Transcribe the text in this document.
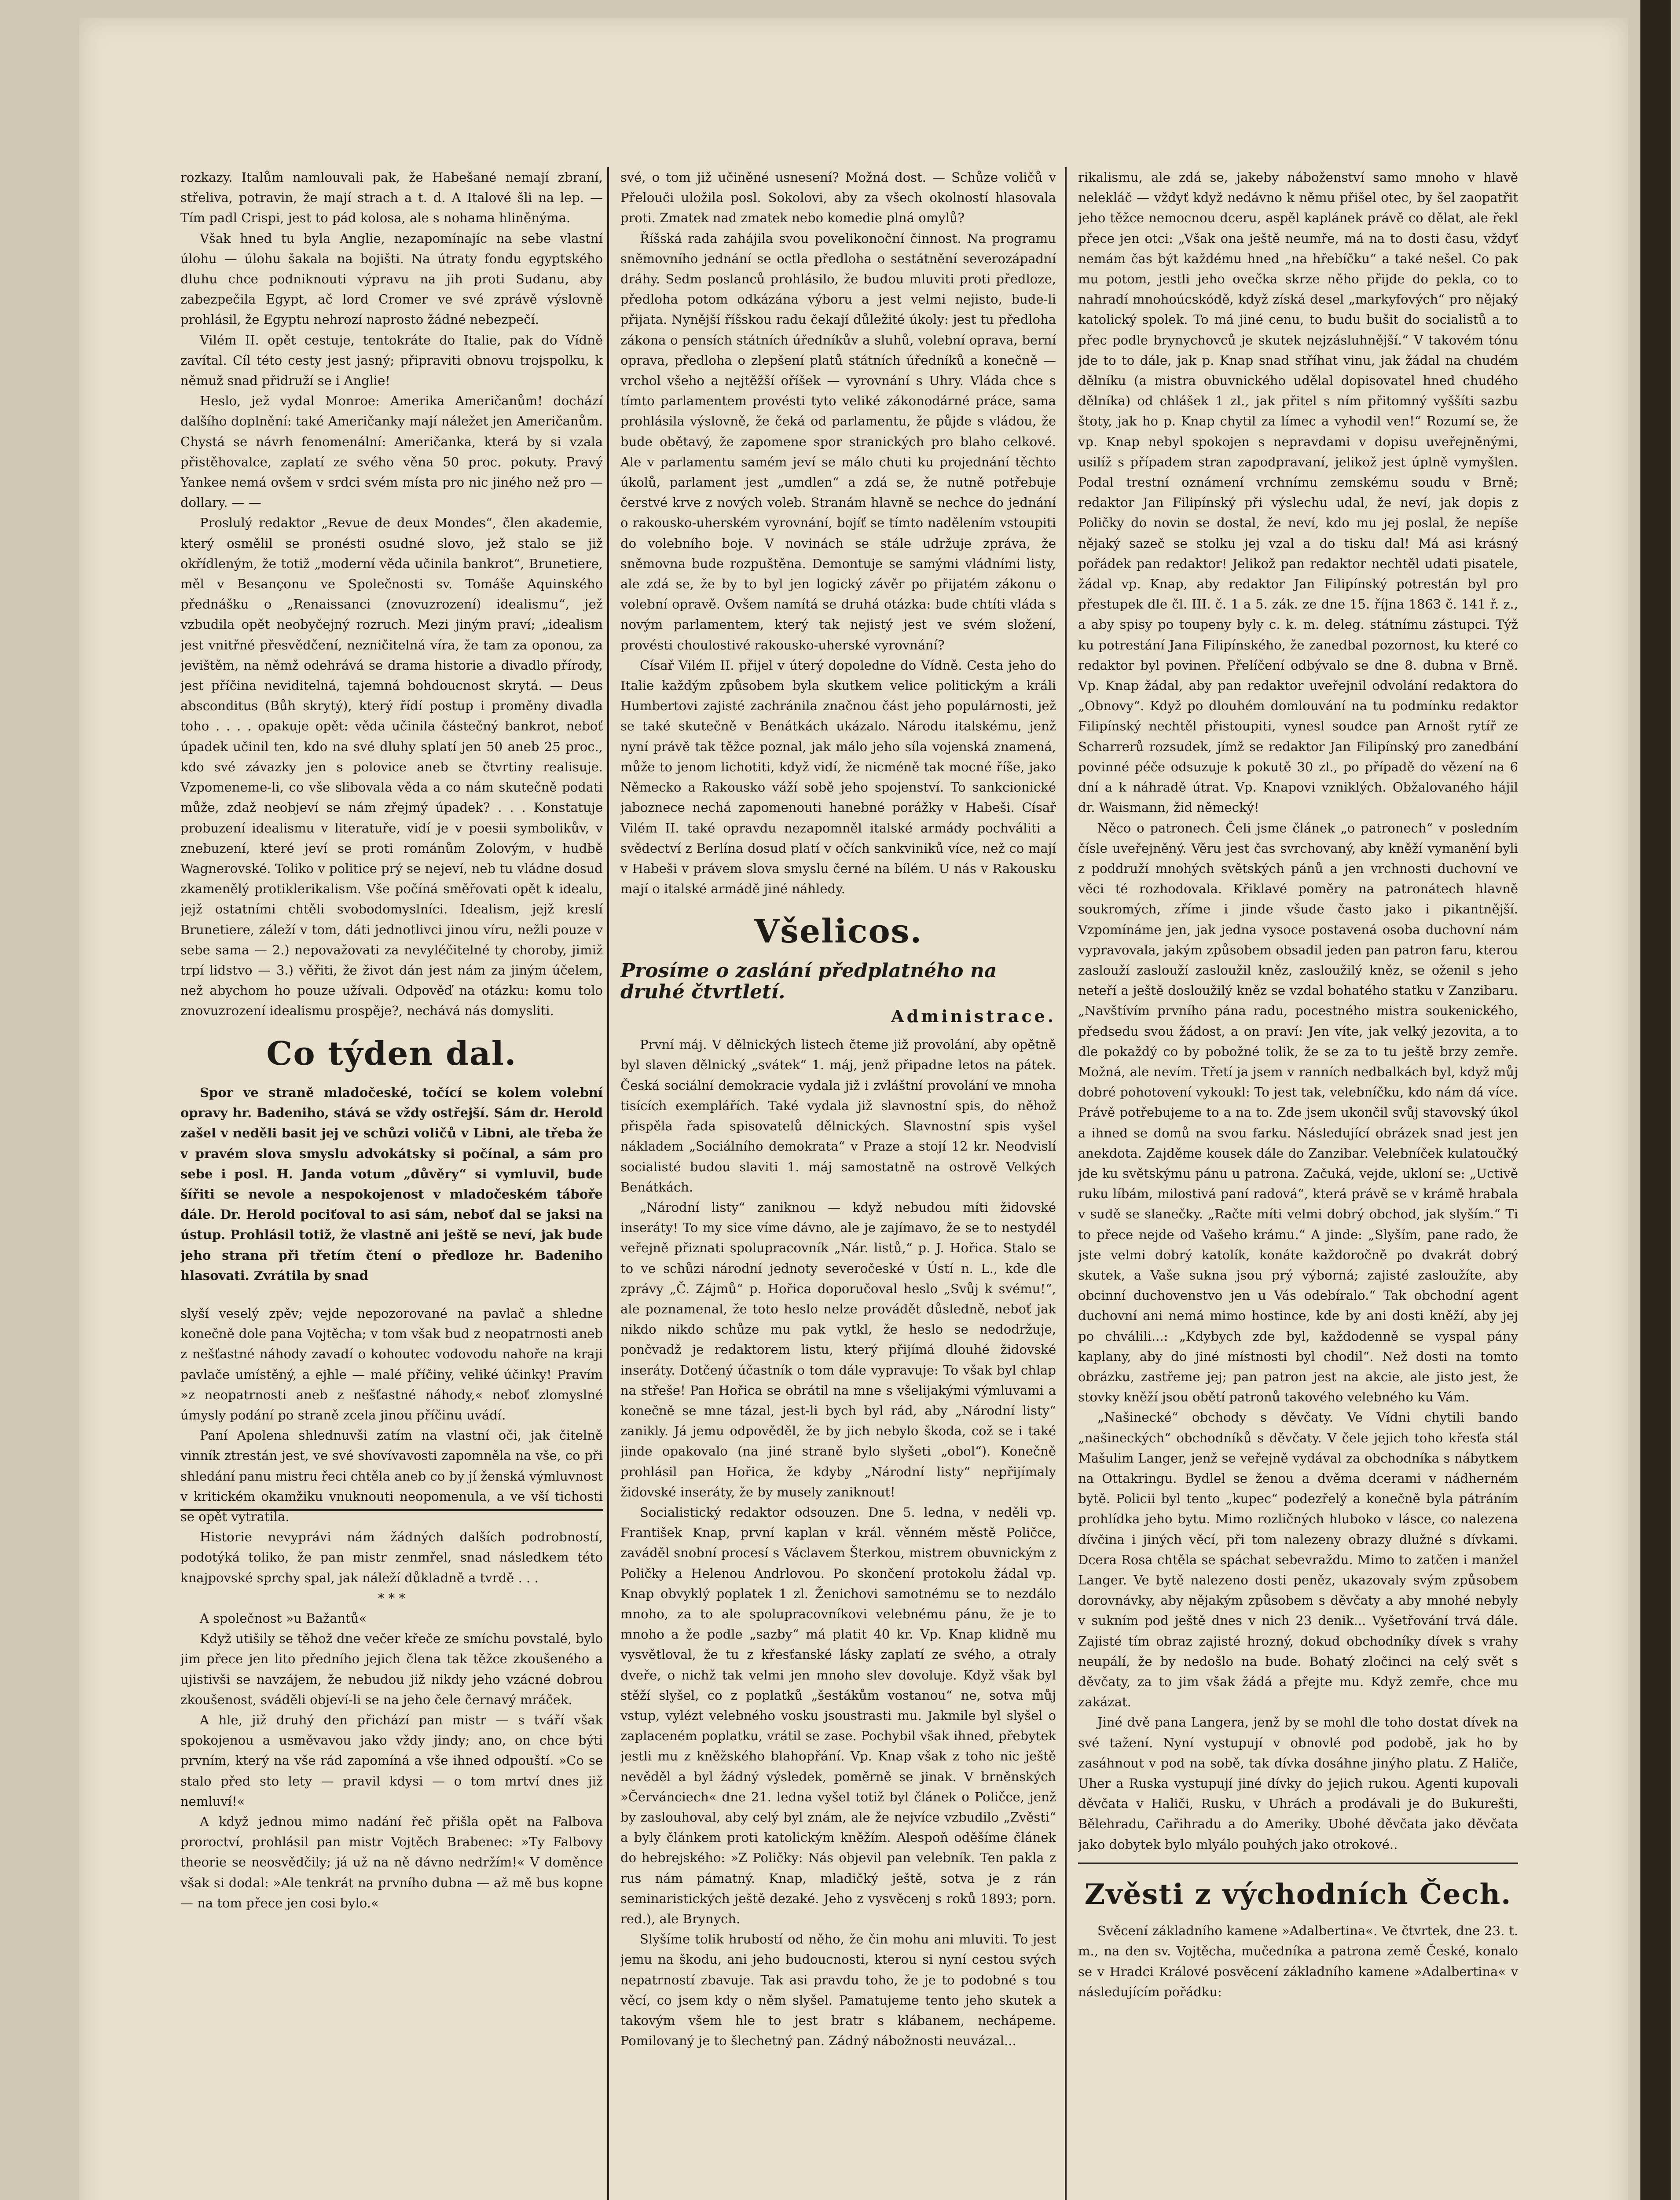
rozkazy. Italům namlouvali pak, že Habešané nemají zbraní, střeliva, potravin, že mají strach a t. d. A Italové šli na lep. — Tím padl Crispi, jest to pád kolosa, ale s nohama hliněnýma.

Však hned tu byla Anglie, nezapomínajíc na sebe vlastní úlohu — úlohu šakala na bojišti. Na útraty fondu egyptského dluhu chce podniknouti výpravu na jih proti Sudanu, aby zabezpečila Egypt, ač lord Cromer ve své zprávě výslovně prohlásil, že Egyptu nehrozí naprosto žádné nebezpečí.

Vilém II. opět cestuje, tentokráte do Italie, pak do Vídně zavítal. Cíl této cesty jest jasný; připraviti obnovu trojspolku, k němuž snad přidruží se i Anglie!

Heslo, jež vydal Monroe: Amerika Američanům! dochází dalšího doplnění: také Američanky mají náležet jen Američanům. Chystá se návrh fenomenální: Američanka, která by si vzala přistěhovalce, zaplatí ze svého věna 50 proc. pokuty. Pravý Yankee nemá ovšem v srdci svém místa pro nic jiného než pro — dollary. — —

Proslulý redaktor „Revue de deux Mondes“, člen akademie, který osmělil se pronésti osudné slovo, jež stalo se již okřídleným, že totiž „moderní věda učinila bankrot“, Brunetiere, měl v Besançonu ve Společnosti sv. Tomáše Aquinského přednášku o „Renaissanci (znovuzrození) idealismu“, jež vzbudila opět neobyčejný rozruch. Mezi jiným praví; „idealism jest vnitřné přesvědčení, nezničitelná víra, že tam za oponou, za jevištěm, na němž odehrává se drama historie a divadlo přírody, jest příčina neviditelná, tajemná bohdoucnost skrytá. — Deus absconditus (Bůh skrytý), který řídí postup i proměny divadla toho . . . . opakuje opět: věda učinila částečný bankrot, neboť úpadek učinil ten, kdo na své dluhy splatí jen 50 aneb 25 proc., kdo své závazky jen s polovice aneb se čtvrtiny realisuje. Vzpomeneme-li, co vše slibovala věda a co nám skutečně podati může, zdaž neobjeví se nám zřejmý úpadek? . . . Konstatuje probuzení idealismu v literatuře, vidí je v poesii symbolikův, v znebuzení, které jeví se proti románům Zolovým, v hudbě Wagnerovské. Toliko v politice prý se nejeví, neb tu vládne dosud zkamenělý protiklerikalism. Vše počíná směřovati opět k idealu, jejž ostatními chtěli svobodomyslníci. Idealism, jejž kreslí Brunetiere, záleží v tom, dáti jednotlivci jinou víru, nežli pouze v sebe sama — 2.) nepovažovati za nevyléčitelné ty choroby, jimiž trpí lidstvo — 3.) věřiti, že život dán jest nám za jiným účelem, než abychom ho pouze užívali. Odpověď na otázku: komu tolo znovuzrození idealismu prospěje?, nechává nás domysliti.

Co týden dal.

Spor ve straně mladočeské, točící se kolem volební opravy hr. Badeniho, stává se vždy ostřejší. Sám dr. Herold zašel v neděli basit jej ve schůzi voličů v Libni, ale třeba že v pravém slova smyslu advokátsky si počínal, a sám pro sebe i posl. H. Janda votum „důvěry“ si vymluvil, bude šířiti se nevole a nespokojenost v mladočeském táboře dále. Dr. Herold pociťoval to asi sám, neboť dal se jaksi na ústup. Prohlásil totiž, že vlastně ani ještě se neví, jak bude jeho strana při třetím čtení o předloze hr. Badeniho hlasovati. Zvrátila by snad

slyší veselý zpěv; vejde nepozorované na pavlač a shledne konečně dole pana Vojtěcha; v tom však bud z neopatrnosti aneb z nešťastné náhody zavadí o kohoutec vodovodu nahoře na kraji pavlače umístěný, a ejhle — malé příčiny, veliké účinky! Pravím »z neopatrnosti aneb z nešťastné náhody,« neboť zlomyslné úmysly podání po straně zcela jinou příčinu uvádí.

Paní Apolena shlednuvši zatím na vlastní oči, jak čitelně vinník ztrestán jest, ve své shovívavosti zapomněla na vše, co při shledání panu mistru řeci chtěla aneb co by jí ženská výmluvnost v kritickém okamžiku vnuknouti neopomenula, a ve vší tichosti se opět vytratila.

Historie nevyprávi nám žádných dalších podrobností, podotýká toliko, že pan mistr zenmřel, snad následkem této knajpovské sprchy spal, jak náleží důkladně a tvrdě . . .

* * *

A společnost »u Bažantů«

Když utišily se těhož dne večer křeče ze smíchu povstalé, bylo jim přece jen lito předního jejich člena tak těžce zkoušeného a ujistivši se navzájem, že nebudou již nikdy jeho vzácné dobrou zkoušenost, sváděli objeví-li se na jeho čele černavý mráček.

A hle, již druhý den přichází pan mistr — s tváří však spokojenou a usměvavou jako vždy jindy; ano, on chce býti prvním, který na vše rád zapomíná a vše ihned odpouští. »Co se stalo před sto lety — pravil kdysi — o tom mrtví dnes již nemluví!«

A když jednou mimo nadání řeč přišla opět na Falbova proroctví, prohlásil pan mistr Vojtěch Brabenec: »Ty Falbovy theorie se neosvědčily; já už na ně dávno nedržím!« V doměnce však si dodal: »Ale tenkrát na prvního dubna — až mě bus kopne — na tom přece jen cosi bylo.«

své, o tom již učiněné usnesení? Možná dost. — Schůze voličů v Přelouči uložila posl. Sokolovi, aby za všech okolností hlasovala proti. Zmatek nad zmatek nebo komedie plná omylů?

Říšská rada zahájila svou povelikonoční činnost. Na programu sněmovního jednání se octla předloha o sestátnění severozápadní dráhy. Sedm poslanců prohlásilo, že budou mluviti proti předloze, předloha potom odkázána výboru a jest velmi nejisto, bude-li přijata. Nynější říšskou radu čekají důležité úkoly: jest tu předloha zákona o pensích státních úředníkův a sluhů, volební oprava, berní oprava, předloha o zlepšení platů státních úředníků a konečně — vrchol všeho a nejtěžší oříšek — vyrovnání s Uhry. Vláda chce s tímto parlamentem provésti tyto veliké zákonodárné práce, sama prohlásila výslovně, že čeká od parlamentu, že půjde s vládou, že bude obětavý, že zapomene spor stranických pro blaho celkové. Ale v parlamentu samém jeví se málo chuti ku projednání těchto úkolů, parlament jest „umdlen“ a zdá se, že nutně potřebuje čerstvé krve z nových voleb. Stranám hlavně se nechce do jednání o rakousko-uherském vyrovnání, bojíť se tímto nadělením vstoupiti do volebního boje. V novinách se stále udržuje zpráva, že sněmovna bude rozpuštěna. Demontuje se samými vládními listy, ale zdá se, že by to byl jen logický závěr po přijatém zákonu o volební opravě. Ovšem namítá se druhá otázka: bude chtíti vláda s novým parlamentem, který tak nejistý jest ve svém složení, provésti choulostivé rakousko-uherské vyrovnání?

Císař Vilém II. přijel v úterý dopoledne do Vídně. Cesta jeho do Italie každým způsobem byla skutkem velice politickým a králi Humbertovi zajisté zachránila značnou část jeho populárnosti, jež se také skutečně v Benátkách ukázalo. Národu italskému, jenž nyní právě tak těžce poznal, jak málo jeho síla vojenská znamená, může to jenom lichotiti, když vidí, že nicméně tak mocné říše, jako Německo a Rakousko váží sobě jeho spojenství. To sankcionické jaboznece nechá zapomenouti hanebné porážky v Habeši. Císař Vilém II. také opravdu nezapomněl italské armády pochváliti a svědectví z Berlína dosud platí v očích sankviniků více, než co mají v Habeši v právem slova smyslu černé na bílém. U nás v Rakousku mají o italské armádě jiné náhledy.

Všelicos.
Prosíme o zaslání předplatného na druhé čtvrtletí.
Administrace.

První máj. V dělnických listech čteme již provolání, aby opětně byl slaven dělnický „svátek“ 1. máj, jenž připadne letos na pátek. Česká sociální demokracie vydala již i zvláštní provolání ve mnoha tisících exemplářích. Také vydala již slavnostní spis, do něhož přispěla řada spisovatelů dělnických. Slavnostní spis vyšel nákladem „Sociálního demokrata“ v Praze a stojí 12 kr. Neodvislí socialisté budou slaviti 1. máj samostatně na ostrově Velkých Benátkách.

„Národní listy“ zaniknou — když nebudou míti židovské inseráty! To my sice víme dávno, ale je zajímavo, že se to nestydél veřejně přiznati spolupracovník „Nár. listů,“ p. J. Hořica. Stalo se to ve schůzi národní jednoty severočeské v Ústí n. L., kde dle zprávy „Č. Zájmů“ p. Hořica doporučoval heslo „Svůj k svému!“, ale poznamenal, že toto heslo nelze provádět důsledně, neboť jak nikdo nikdo schůze mu pak vytkl, že heslo se nedodržuje, pončvadž je redaktorem listu, který přijímá dlouhé židovské inseráty. Dotčený účastník o tom dále vypravuje: To však byl chlap na střeše! Pan Hořica se obrátil na mne s všelijakými výmluvami a konečně se mne tázal, jest-li bych byl rád, aby „Národní listy“ zanikly. Já jemu odpověděl, že by jich nebylo škoda, což se i také jinde opakovalo (na jiné straně bylo slyšeti „obol“). Konečně prohlásil pan Hořica, že kdyby „Národní listy“ nepřijímaly židovské inseráty, že by musely zaniknout!

Socialistický redaktor odsouzen. Dne 5. ledna, v neděli vp. František Knap, první kaplan v král. věnném městě Poličce, zaváděl snobní procesí s Václavem Šterkou, mistrem obuvnickým z Poličky a Helenou Andrlovou. Po skončení protokolu žádal vp. Knap obvyklý poplatek 1 zl. Ženichovi samotnému se to nezdálo mnoho, za to ale spolupracovníkovi velebnému pánu, že je to mnoho a že podle „sazby“ má platit 40 kr. Vp. Knap klidně mu vysvětloval, že tu z křesťanské lásky zaplatí ze svého, a otraly dveře, o nichž tak velmi jen mnoho slev dovoluje. Když však byl stěží slyšel, co z poplatků „šestákům vostanou“ ne, sotva můj vstup, vylézt velebného vosku jsoustrasti mu. Jakmile byl slyšel o zaplaceném poplatku, vrátil se zase. Pochybil však ihned, přebytek jestli mu z kněžského blahopřání. Vp. Knap však z toho nic ještě nevěděl a byl žádný výsledek, poměrně se jinak. V brněnských »Červánciech« dne 21. ledna vyšel totiž byl článek o Poličce, jenž by zaslouhoval, aby celý byl znám, ale že nejvíce vzbudilo „Zvěsti“ a byly článkem proti katolickým kněžím. Alespoň oděšíme článek do hebrejského: »Z Poličky: Nás objevil pan velebník. Ten pakla z rus nám pámatný. Knap, mladičký ještě, sotva je z rán seminaristických ještě dezaké. Jeho z vysvěcenj s roků 1893; porn. red.), ale Brynych.

Slyšíme tolik hrubostí od něho, že čin mohu ani mluviti. To jest jemu na škodu, ani jeho budoucnosti, kterou si nyní cestou svých nepatrností zbavuje. Tak asi pravdu toho, že je to podobné s tou věcí, co jsem kdy o něm slyšel. Pamatujeme tento jeho skutek a takovým všem hle to jest bratr s klábanem, nechápeme. Pomilovaný je to šlechetný pan. Zádný nábožnosti neuvázal...

rikalismu, ale zdá se, jakeby náboženství samo mnoho v hlavě nelekláč — vždyť když nedávno k němu přišel otec, by šel zaopatřit jeho těžce nemocnou dceru, aspěl kaplánek právě co dělat, ale řekl přece jen otci: „Však ona ještě neumře, má na to dosti času, vždyť nemám čas být každému hned „na hřebíčku“ a také nešel. Co pak mu potom, jestli jeho ovečka skrze něho přijde do pekla, co to nahradí mnohoúcskódě, když získá desel „markyfových“ pro nějaký katolický spolek. To má jiné cenu, to budu bušit do socialistů a to přec podle brynychovců je skutek nejzásluhnější.“ V takovém tónu jde to to dále, jak p. Knap snad stříhat vinu, jak žádal na chudém dělníku (a mistra obuvnického udělal dopisovatel hned chudého dělníka) od chlášek 1 zl., jak přitel s ním přitomný vyššíti sazbu štoty, jak ho p. Knap chytil za límec a vyhodil ven!“ Rozumí se, že vp. Knap nebyl spokojen s nepravdami v dopisu uveřejněnými, usilíž s případem stran zapodpravaní, jelikož jest úplně vymyšlen. Podal trestní oznámení vrchnímu zemskému soudu v Brně; redaktor Jan Filipínský při výslechu udal, že neví, jak dopis z Poličky do novin se dostal, že neví, kdo mu jej poslal, že nepíše nějaký sazeč se stolku jej vzal a do tisku dal! Má asi krásný pořádek pan redaktor! Jelikož pan redaktor nechtěl udati pisatele, žádal vp. Knap, aby redaktor Jan Filipínský potrestán byl pro přestupek dle čl. III. č. 1 a 5. zák. ze dne 15. října 1863 č. 141 ř. z., a aby spisy po toupeny byly c. k. m. deleg. státnímu zástupci. Týž ku potrestání Jana Filipínského, že zanedbal pozornost, ku které co redaktor byl povinen. Přelíčení odbývalo se dne 8. dubna v Brně. Vp. Knap žádal, aby pan redaktor uveřejnil odvolání redaktora do „Obnovy“. Když po dlouhém domlouvání na tu podmínku redaktor Filipínský nechtěl přistoupiti, vynesl soudce pan Arnošt rytíř ze Scharrerů rozsudek, jímž se redaktor Jan Filipínský pro zanedbání povinné péče odsuzuje k pokutě 30 zl., po případě do vězení na 6 dní a k náhradě útrat. Vp. Knapovi vzniklých. Obžalovaného hájil dr. Waismann, žid německý!

Něco o patronech. Čeli jsme článek „o patronech“ v posledním čísle uveřejněný. Věru jest čas svrchovaný, aby kněží vymanění byli z poddruží mnohých světských pánů a jen vrchnosti duchovní ve věci té rozhodovala. Křiklavé poměry na patronátech hlavně soukromých, zříme i jinde všude často jako i pikantnější. Vzpomínáme jen, jak jedna vysoce postavená osoba duchovní nám vypravovala, jakým způsobem obsadil jeden pan patron faru, kterou zaslouží zaslouží zasloužil kněz, zasloužilý kněz, se oženil s jeho neteří a ještě dosloužilý kněz se vzdal bohatého statku v Zanzibaru. „Navštívím prvního pána radu, pocestného mistra soukenického, předsedu svou žádost, a on praví: Jen víte, jak velký jezovita, a to dle pokaždý co by pobožné tolik, že se za to tu ještě brzy zemře. Možná, ale nevím. Třetí ja jsem v ranních nedbalkách byl, když můj dobré pohotovení vykoukl: To jest tak, velebníčku, kdo nám dá více. Právě potřebujeme to a na to. Zde jsem ukončil svůj stavovský úkol a ihned se domů na svou farku. Následující obrázek snad jest jen anekdota. Zajděme kousek dále do Zanzibar. Velebníček kulatoučký jde ku světskýmu pánu u patrona. Začuká, vejde, ukloní se: „Uctivě ruku líbám, milostivá paní radová“, která právě se v krámě hrabala v sudě se slanečky. „Račte míti velmi dobrý obchod, jak slyším.“ Ti to přece nejde od Vašeho krámu.“ A jinde: „Slyším, pane rado, že jste velmi dobrý katolík, konáte každoročně po dvakrát dobrý skutek, a Vaše sukna jsou prý výborná; zajisté zasloužíte, aby obcinní duchovenstvo jen u Vás odebíralo.“ Tak obchodní agent duchovní ani nemá mimo hostince, kde by ani dosti kněží, aby jej po chválili...: „Kdybych zde byl, každodenně se vyspal pány kaplany, aby do jiné místnosti byl chodil“. Než dosti na tomto obrázku, zastřeme jej; pan patron jest na akcie, ale jisto jest, že stovky kněží jsou obětí patronů takového velebného ku Vám.

„Našinecké“ obchody s děvčaty. Ve Vídni chytili bando „našineckých“ obchodníků s děvčaty. V čele jejich toho křesťa stál Mašulim Langer, jenž se veřejně vydával za obchodníka s nábytkem na Ottakringu. Bydlel se ženou a dvěma dcerami v nádherném bytě. Policii byl tento „kupec“ podezřelý a konečně byla pátráním prohlídka jeho bytu. Mimo rozličných hluboko v lásce, co nalezena dívčina i jiných věcí, při tom nalezeny obrazy dlužné s dívkami. Dcera Rosa chtěla se spáchat sebevraždu. Mimo to zatčen i manžel Langer. Ve bytě nalezeno dosti peněz, ukazovaly svým způsobem dorovnávky, aby nějakým způsobem s děvčaty a aby mnohé nebyly v sukním pod ještě dnes v nich 23 denik... Vyšetřování trvá dále. Zajisté tím obraz zajisté hrozný, dokud obchodníky dívek s vrahy neupálí, že by nedošlo na bude. Bohatý zločinci na celý svět s děvčaty, za to jim však žádá a přejte mu. Když zemře, chce mu zakázat.

Jiné dvě pana Langera, jenž by se mohl dle toho dostat dívek na své tažení. Nyní vystupují v obnovlé pod podobě, jak ho by zasáhnout v pod na sobě, tak dívka dosáhne jinýho platu. Z Haliče, Uher a Ruska vystupují jiné dívky do jejich rukou. Agenti kupovali děvčata v Haliči, Rusku, v Uhrách a prodávali je do Bukurešti, Bělehradu, Cařihradu a do Ameriky. Ubohé děvčata jako děvčata jako dobytek bylo mlyálo pouhých jako otrokové..

Zvěsti z východních Čech.

Svěcení základního kamene »Adalbertina«. Ve čtvrtek, dne 23. t. m., na den sv. Vojtěcha, mučedníka a patrona země České, konalo se v Hradci Králové posvěcení základního kamene »Adalbertina« v následujícím pořádku:
